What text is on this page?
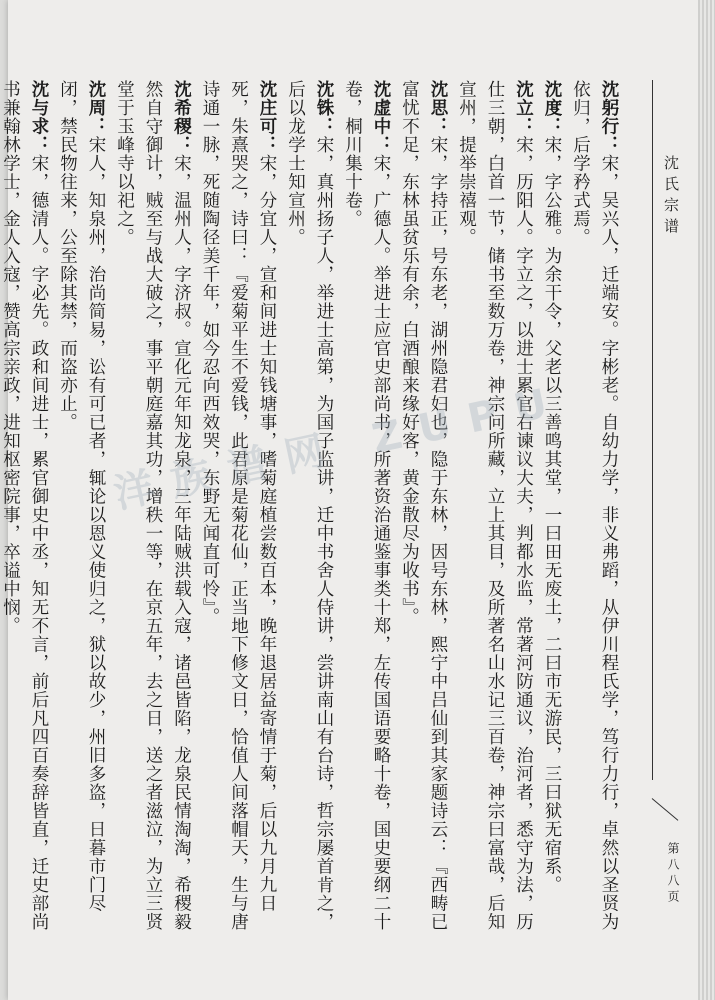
沈氏宗谱
第八八页

沈躬行：宋，吴兴人，迁端安。字彬老。自幼力学，非义弗蹈，从伊川程氏学，笃行力行，卓然以圣贤为依归，后学矜式焉。

沈度：宋，字公雅。为余干令，父老以三善鸣其堂，一曰田无废土，二曰市无游民，三曰狱无宿系。

沈立：宋，历阳人。字立之，以进士累官右谏议大夫，判都水监，常著河防通议，治河者，悉守为法，历仕三朝，白首一节，储书至数万卷，神宗问所藏，立上其目，及所著名山水记三百卷，神宗曰富哉，后知宣州，提举崇禧观。

沈思：宋，字持正，号东老，湖州隐君妇也，隐于东林，因号东林，熙宁中吕仙到其家题诗云：『西畴已富忧不足，东林虽贫乐有余，白酒酿来缘好客，黄金散尽为收书』。

沈虚中：宋，广德人。举进士应官史部尚书，所著资治通鉴事类十郑，左传国语要略十卷，国史要纲二十卷，桐川集十卷。

沈铢：宋，真州扬子人，举进士高第，为国子监讲，迁中书舍人侍讲，尝讲南山有台诗，哲宗屡首肯之，后以龙学士知宣州。

沈庄可：宋，分宜人，宣和间进士知钱塘事，嗜菊庭植尝数百本，晚年退居益寄情于菊，后以九月九日死，朱熹哭之，诗曰：『爱菊平生不爱钱，此君原是菊花仙，正当地下修文日，恰值人间落帽天，生与唐诗通一脉，死随陶径美千年，如今忍向西效哭，东野无闻直可怜』。

沈希稷：宋，温州人，字济叔。宣化元年知龙泉，三年陆贼洪载入寇，诸邑皆陷，龙泉民情淘淘，希稷毅然自守御计，贼至与战大破之，事平朝庭嘉其功，增秩一等，在京五年，去之日，送之者滋泣，为立三贤堂于玉峰寺以祀之。

沈周：宋人，知泉州，治尚简易，讼有可已者，辄论以恩义使归之，狱以故少，州旧多盗，日暮市门尽闭，禁民物往来，公至除其禁，而盗亦止。

沈与求：宋，德清人。字必先。政和间进士，累官御史中丞，知无不言，前后凡四百奏辞皆直，迁史部尚书兼翰林学士，金人入寇，赞高宗亲政，进知枢密院事，卒谥中悯。	洋族谱网 ZUPU
